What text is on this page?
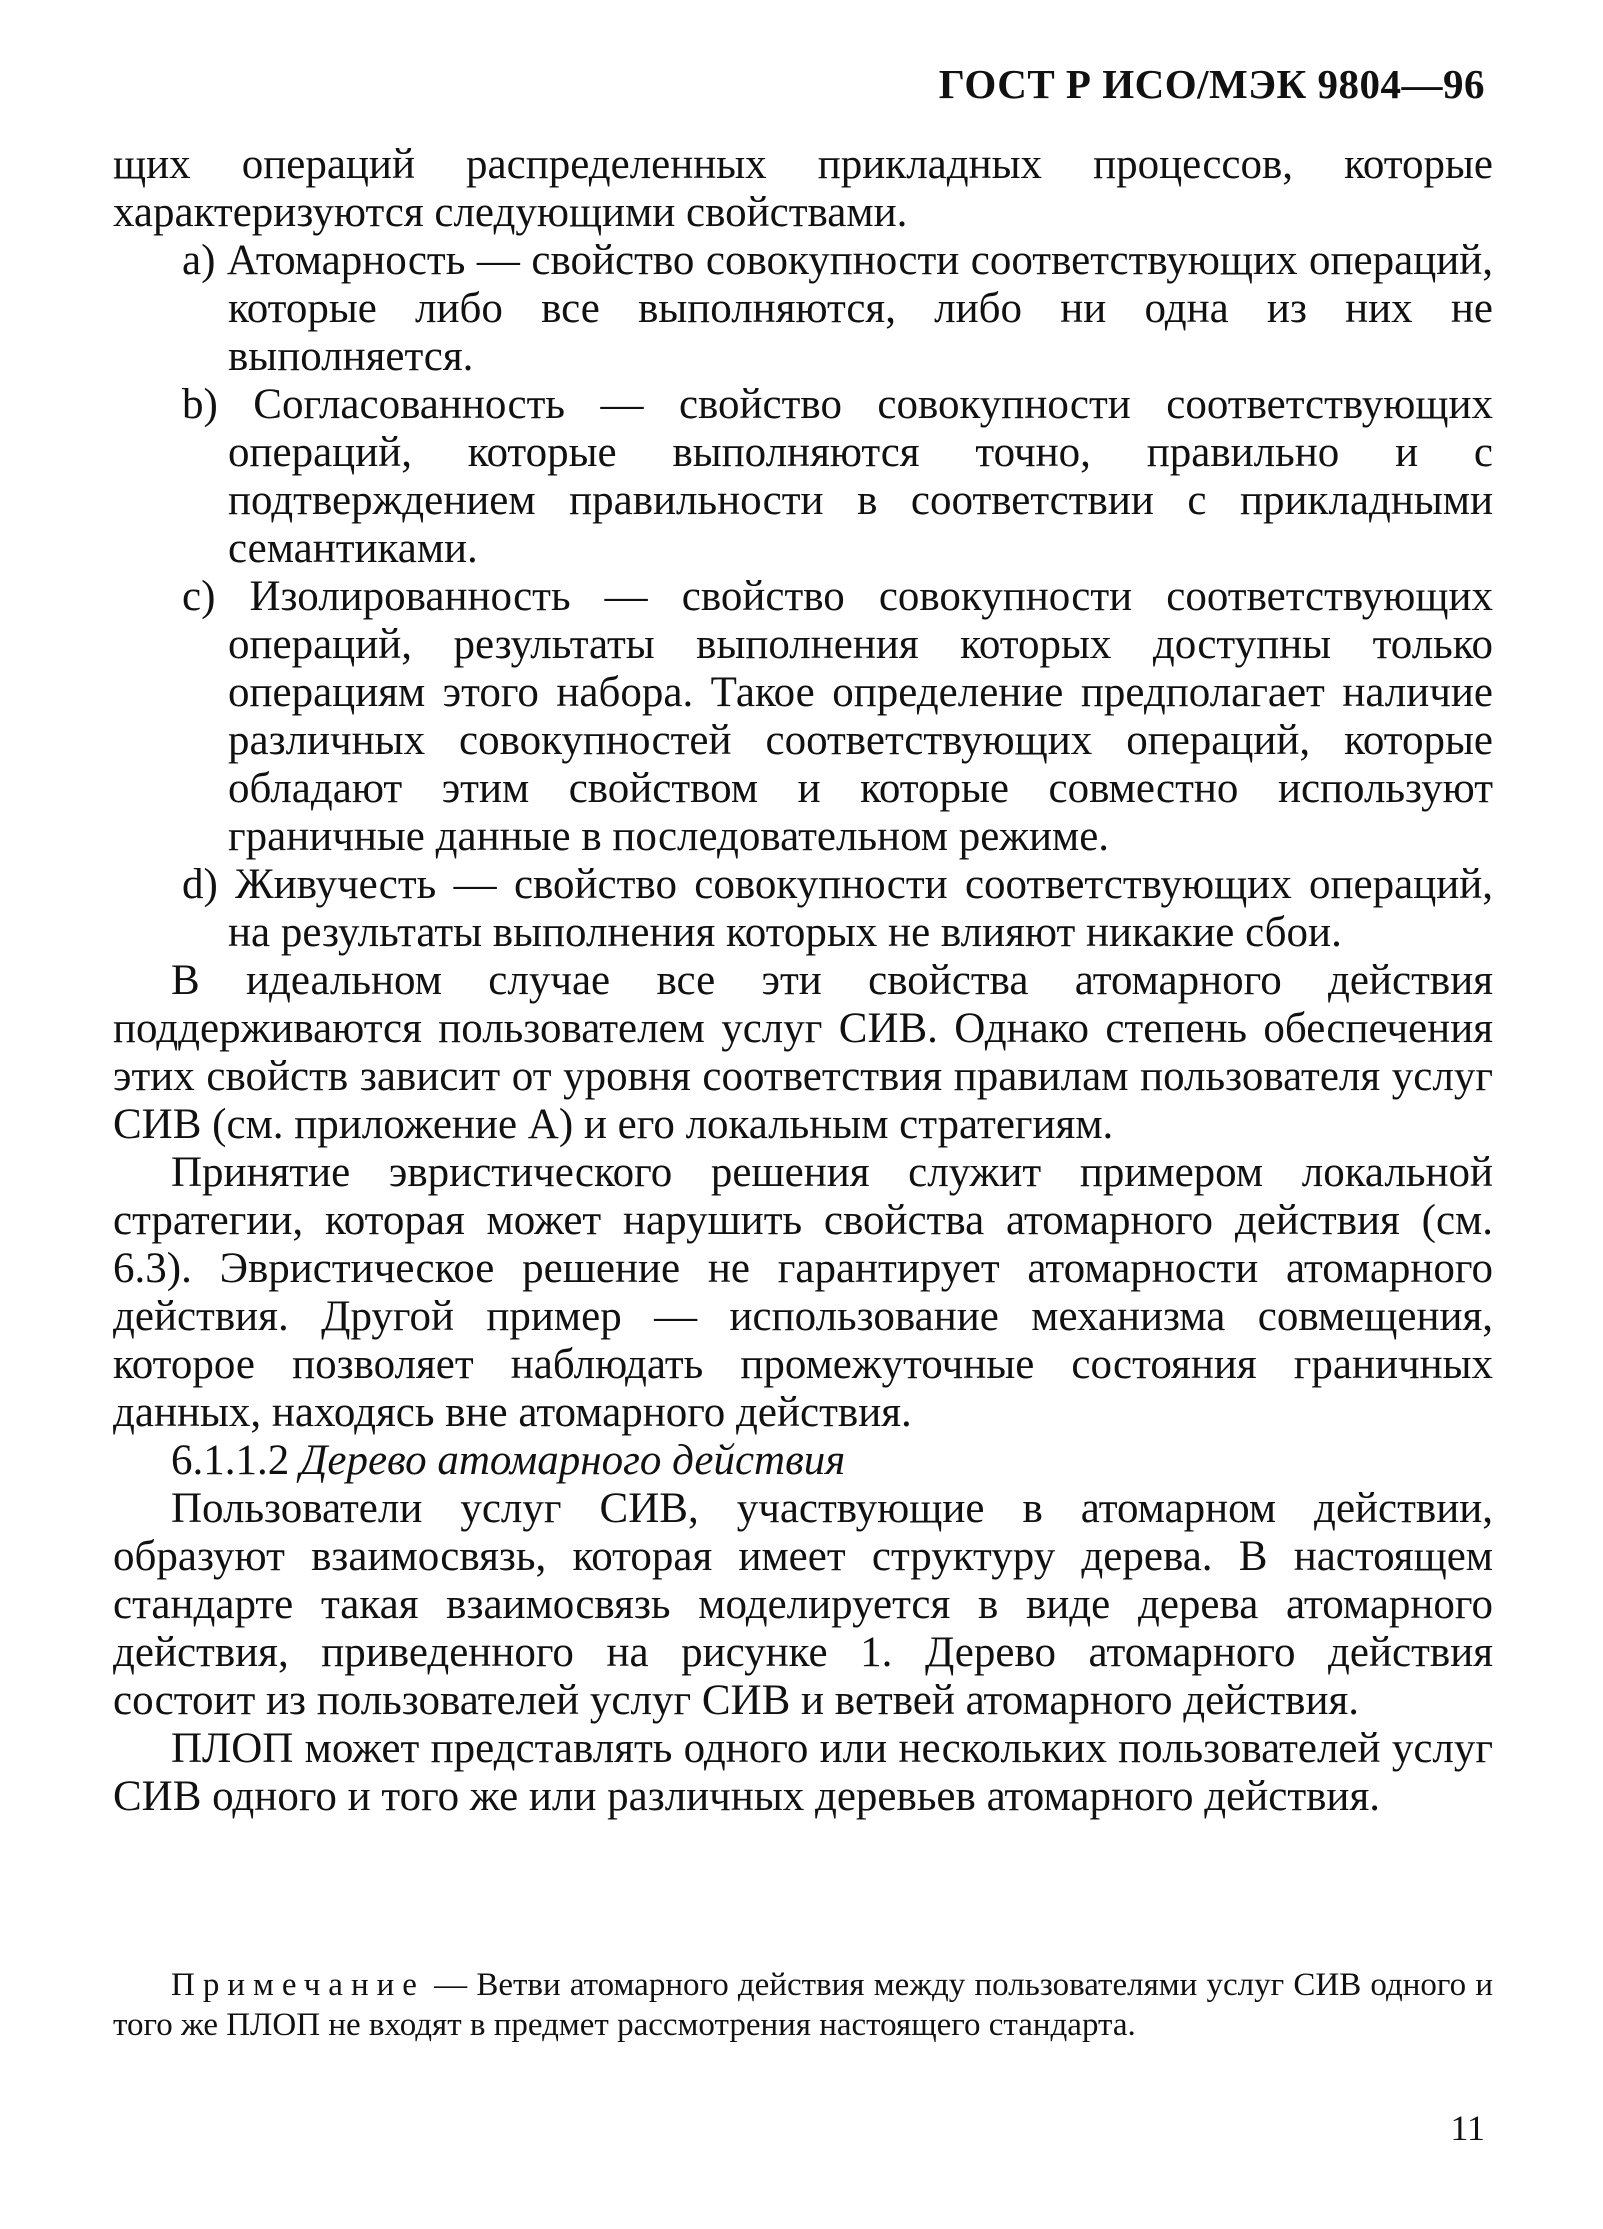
ГОСТ Р ИСО/МЭК 9804—96

щих операций распределенных прикладных процессов, которые характеризуются следующими свойствами.

а) Атомарность — свойство совокупности соответствующих операций, которые либо все выполняются, либо ни одна из них не выполняется.

b) Согласованность — свойство совокупности соответствующих операций, которые выполняются точно, правильно и с подтверждением правильности в соответствии с прикладными семантиками.

с) Изолированность — свойство совокупности соответствующих операций, результаты выполнения которых доступны только операциям этого набора. Такое определение предполагает наличие различных совокупностей соответствующих операций, которые обладают этим свойством и которые совместно используют граничные данные в последовательном режиме.

d) Живучесть — свойство совокупности соответствующих операций, на результаты выполнения которых не влияют никакие сбои.

В идеальном случае все эти свойства атомарного действия поддерживаются пользователем услуг СИВ. Однако степень обеспечения этих свойств зависит от уровня соответствия правилам пользователя услуг СИВ (см. приложение А) и его локальным стратегиям.

Принятие эвристического решения служит примером локальной стратегии, которая может нарушить свойства атомарного действия (см. 6.3). Эвристическое решение не гарантирует атомарности атомарного действия. Другой пример — использование механизма совмещения, которое позволяет наблюдать промежуточные состояния граничных данных, находясь вне атомарного действия.

6.1.1.2 Дерево атомарного действия

Пользователи услуг СИВ, участвующие в атомарном действии, образуют взаимосвязь, которая имеет структуру дерева. В настоящем стандарте такая взаимосвязь моделируется в виде дерева атомарного действия, приведенного на рисунке 1. Дерево атомарного действия состоит из пользователей услуг СИВ и ветвей атомарного действия.

ПЛОП может представлять одного или нескольких пользователей услуг СИВ одного и того же или различных деревьев атомарного действия.

Примечание — Ветви атомарного действия между пользователями услуг СИВ одного и того же ПЛОП не входят в предмет рассмотрения настоящего стандарта.
11
